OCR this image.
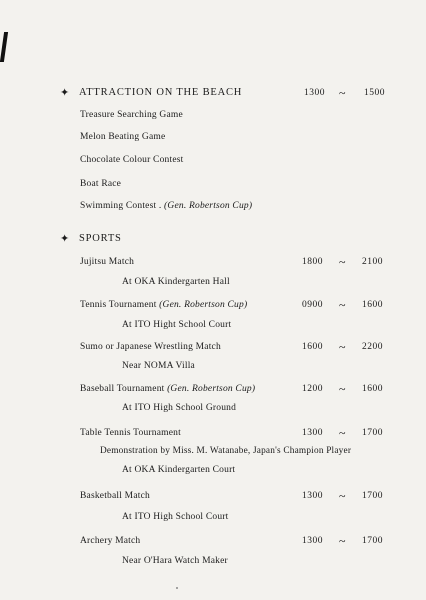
✦ ATTRACTION ON THE BEACH	1300 ~ 1500
Treasure Searching Game
Melon Beating Game
Chocolate Colour Contest
Boat Race
Swimming Contest . (Gen. Robertson Cup)
✦ SPORTS
Jujitsu Match	1800 ~ 2100
At OKA Kindergarten Hall
Tennis Tournament (Gen. Robertson Cup)	0900 ~ 1600
At ITO Hight School Court
Sumo or Japanese Wrestling Match	1600 ~ 2200
Near NOMA Villa
Baseball Tournament (Gen. Robertson Cup)	1200 ~ 1600
At ITO High School Ground
Table Tennis Tournament	1300 ~ 1700
Demonstration by Miss. M. Watanabe, Japan's Champion Player
At OKA Kindergarten Court
Basketball Match	1300 ~ 1700
At ITO High School Court
Archery Match	1300 ~ 1700
Near O'Hara Watch Maker
